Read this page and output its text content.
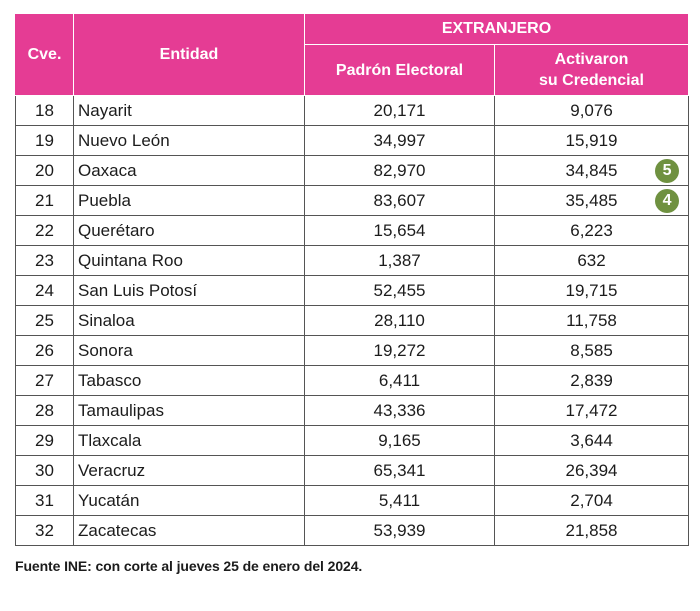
Cve.	Entidad	EXTRANJERO	
		Padrón Electoral	Activaron
su Credencial
18	Nayarit	20,171	9,076
19	Nuevo León	34,997	15,919
20	Oaxaca	82,970	34,845 5

21	Puebla	83,607	35,485 4

22	Querétaro	15,654	6,223
23	Quintana Roo	1,387	632
24	San Luis Potosí	52,455	19,715
25	Sinaloa	28,110	11,758
26	Sonora	19,272	8,585
27	Tabasco	6,411	2,839
28	Tamaulipas	43,336	17,472
29	Tlaxcala	9,165	3,644
30	Veracruz	65,341	26,394
31	Yucatán	5,411	2,704
32	Zacatecas	53,939	21,858
Fuente INE: con corte al jueves 25 de enero del 2024.
